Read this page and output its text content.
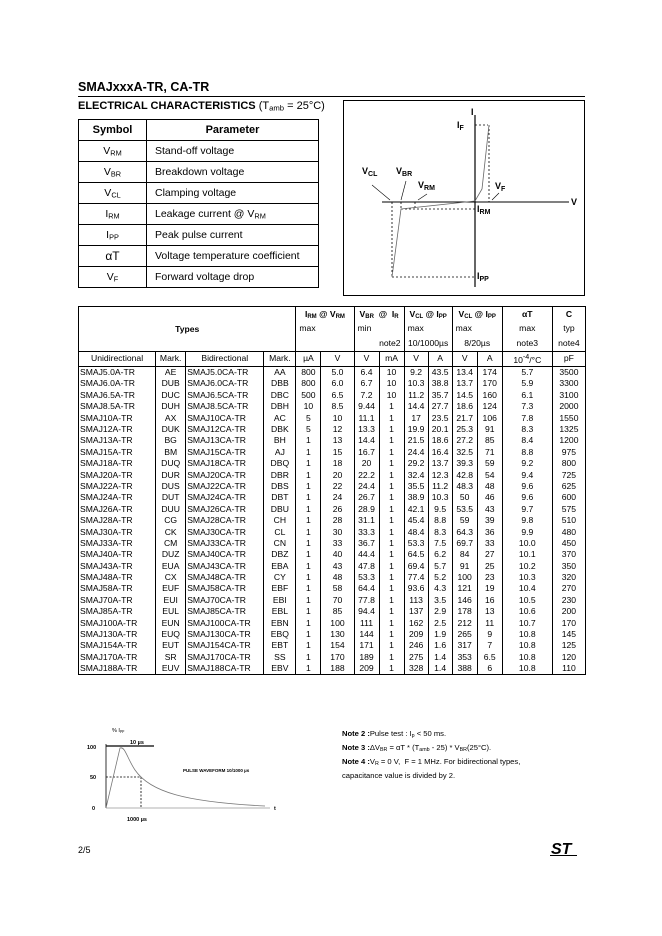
SMAJxxxA-TR, CA-TR
ELECTRICAL CHARACTERISTICS $(T_{amb} = 25^\circ C)$
Symbol	Parameter
$V_{RM}$	Stand-off voltage
$V_{BR}$	Breakdown voltage
$V_{CL}$	Clamping voltage
$I_{RM}$	Leakage current @ $V_{RM}$
$I_{PP}$	Peak pulse current
αT	Voltage temperature coefficient
$V_F$	Forward voltage drop
I
$I_F$
$V_{CL}$ $V_{BR}$
$V_{RM}$	$V_F$
V
$I_{RM}$
$I_{PP}$
Types				$I_{RM}$ @ $V_{RM}$		$V_{BR}$  @  $I_R$		$V_{CL}$ @ $I_{PP}$		$V_{CL}$ @ $I_{PP}$		αT	C
				max		min		max		max		max	typ
						note2		10/1000µs		8/20µs		note3	note4
Unidirectional	Mark.	Bidirectional	Mark.	µA	V	V	mA	V	A	V	A	$10^{-4}/^\circ C$	pF
SMAJ5.0A-TR	AE	SMAJ5.0CA-TR	AA	800	5.0	6.4	10	9.2	43.5	13.4	174	5.7	3500
SMAJ6.0A-TR	DUB	SMAJ6.0CA-TR	DBB	800	6.0	6.7	10	10.3	38.8	13.7	170	5.9	3300
SMAJ6.5A-TR	DUC	SMAJ6.5CA-TR	DBC	500	6.5	7.2	10	11.2	35.7	14.5	160	6.1	3100
SMAJ8.5A-TR	DUH	SMAJ8.5CA-TR	DBH	10	8.5	9.44	1	14.4	27.7	18.6	124	7.3	2000
SMAJ10A-TR	AX	SMAJ10CA-TR	AC	5	10	11.1	1	17	23.5	21.7	106	7.8	1550
SMAJ12A-TR	DUK	SMAJ12CA-TR	DBK	5	12	13.3	1	19.9	20.1	25.3	91	8.3	1325
SMAJ13A-TR	BG	SMAJ13CA-TR	BH	1	13	14.4	1	21.5	18.6	27.2	85	8.4	1200
SMAJ15A-TR	BM	SMAJ15CA-TR	AJ	1	15	16.7	1	24.4	16.4	32.5	71	8.8	975
SMAJ18A-TR	DUQ	SMAJ18CA-TR	DBQ	1	18	20	1	29.2	13.7	39.3	59	9.2	800
SMAJ20A-TR	DUR	SMAJ20CA-TR	DBR	1	20	22.2	1	32.4	12.3	42.8	54	9.4	725
SMAJ22A-TR	DUS	SMAJ22CA-TR	DBS	1	22	24.4	1	35.5	11.2	48.3	48	9.6	625
SMAJ24A-TR	DUT	SMAJ24CA-TR	DBT	1	24	26.7	1	38.9	10.3	50	46	9.6	600
SMAJ26A-TR	DUU	SMAJ26CA-TR	DBU	1	26	28.9	1	42.1	9.5	53.5	43	9.7	575
SMAJ28A-TR	CG	SMAJ28CA-TR	CH	1	28	31.1	1	45.4	8.8	59	39	9.8	510
SMAJ30A-TR	CK	SMAJ30CA-TR	CL	1	30	33.3	1	48.4	8.3	64.3	36	9.9	480
SMAJ33A-TR	CM	SMAJ33CA-TR	CN	1	33	36.7	1	53.3	7.5	69.7	33	10.0	450
SMAJ40A-TR	DUZ	SMAJ40CA-TR	DBZ	1	40	44.4	1	64.5	6.2	84	27	10.1	370
SMAJ43A-TR	EUA	SMAJ43CA-TR	EBA	1	43	47.8	1	69.4	5.7	91	25	10.2	350
SMAJ48A-TR	CX	SMAJ48CA-TR	CY	1	48	53.3	1	77.4	5.2	100	23	10.3	320
SMAJ58A-TR	EUF	SMAJ58CA-TR	EBF	1	58	64.4	1	93.6	4.3	121	19	10.4	270
SMAJ70A-TR	EUI	SMAJ70CA-TR	EBI	1	70	77.8	1	113	3.5	146	16	10.5	230
SMAJ85A-TR	EUL	SMAJ85CA-TR	EBL	1	85	94.4	1	137	2.9	178	13	10.6	200
SMAJ100A-TR	EUN	SMAJ100CA-TR	EBN	1	100	111	1	162	2.5	212	11	10.7	170
SMAJ130A-TR	EUQ	SMAJ130CA-TR	EBQ	1	130	144	1	209	1.9	265	9	10.8	145
SMAJ154A-TR	EUT	SMAJ154CA-TR	EBT	1	154	171	1	246	1.6	317	7	10.8	125
SMAJ170A-TR	SR	SMAJ170CA-TR	SS	1	170	189	1	275	1.4	353	6.5	10.8	120
SMAJ188A-TR	EUV	SMAJ188CA-TR	EBV	1	188	209	1	328	1.4	388	6	10.8	110
% Ipp
100
50
0
10 µs
PULSE WAVEFORM 10/1000 µs
1000 µs
t
Note 2 :Pulse test : $I_p < 50$ ms.
Note 3 $:\Delta V_{BR} = \alpha T * (T_{amb} - 25) * V_{BR}(25^\circ C)$.
Note 4 $:V_R = 0$ V,  F = 1 MHz. For bidirectional types,
capacitance value is divided by 2.
2/5	ST
